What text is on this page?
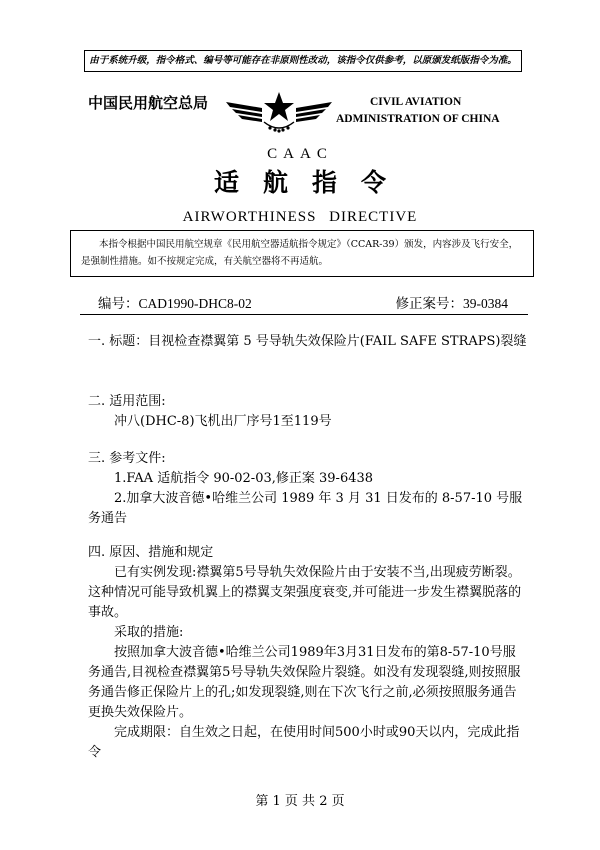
由于系统升级，指令格式、编号等可能存在非原则性改动，该指令仅供参考，以原颁发纸版指令为准。
中国民用航空总局	CIVIL AVIATION
ADMINISTRATION OF CHINA
CAAC
适航指令
AIRWORTHINESS DIRECTIVE
本指令根据中国民用航空规章《民用航空器适航指令规定》（CCAR-39）颁发，内容涉及飞行安全，是强制性措施。如不按规定完成，有关航空器将不再适航。
编号：CAD1990-DHC8-02	修正案号：39-0384
一. 标题：目视检查襟翼第 5 号导轨失效保险片(FAIL SAFE STRAPS)裂缝
二. 适用范围:
冲八(DHC-8)飞机出厂序号1至119号
三. 参考文件:
1.FAA 适航指令 90-02-03,修正案 39-6438
2.加拿大波音德•哈维兰公司 1989 年 3 月 31 日发布的 8-57-10 号服务通告
四. 原因、措施和规定
已有实例发现:襟翼第5号导轨失效保险片由于安装不当,出现疲劳断裂。这种情况可能导致机翼上的襟翼支架强度衰变,并可能进一步发生襟翼脱落的事故。
采取的措施:
按照加拿大波音德•哈维兰公司1989年3月31日发布的第8-57-10号服务通告,目视检查襟翼第5号导轨失效保险片裂缝。如没有发现裂缝,则按照服务通告修正保险片上的孔;如发现裂缝,则在下次飞行之前,必须按照服务通告更换失效保险片。
完成期限：自生效之日起，在使用时间500小时或90天以内，完成此指令
第 1 页 共 2 页
